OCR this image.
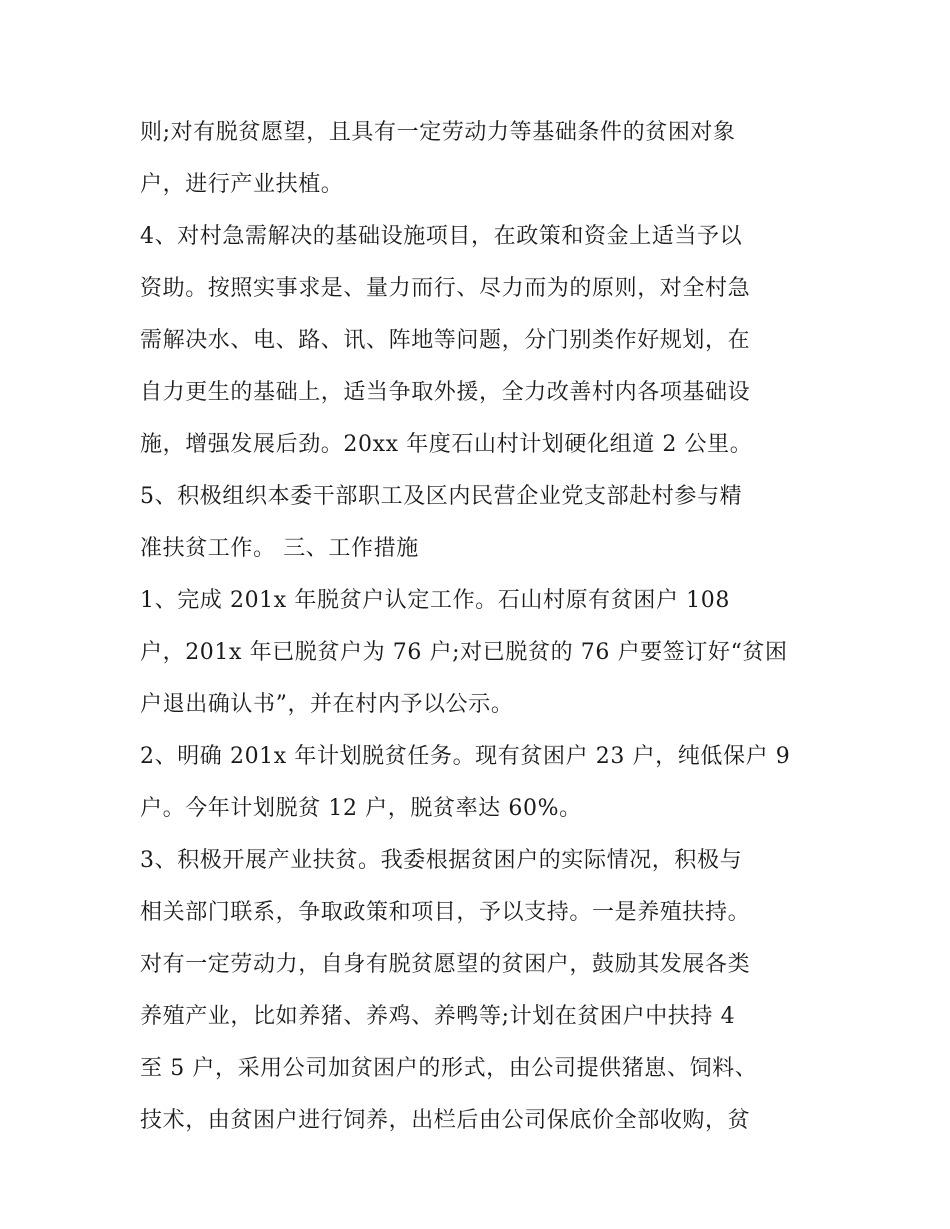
则;对有脱贫愿望，且具有一定劳动力等基础条件的贫困对象
户，进行产业扶植。
4、对村急需解决的基础设施项目，在政策和资金上适当予以
资助。按照实事求是、量力而行、尽力而为的原则，对全村急
需解决水、电、路、讯、阵地等问题，分门别类作好规划，在
自力更生的基础上，适当争取外援，全力改善村内各项基础设
施，增强发展后劲。20xx 年度石山村计划硬化组道 2 公里。
5、积极组织本委干部职工及区内民营企业党支部赴村参与精
准扶贫工作。 三、工作措施
1、完成 201x 年脱贫户认定工作。石山村原有贫困户 108
户，201x 年已脱贫户为 76 户;对已脱贫的 76 户要签订好“贫困
户退出确认书”，并在村内予以公示。
2、明确 201x 年计划脱贫任务。现有贫困户 23 户，纯低保户 9
户。今年计划脱贫 12 户，脱贫率达 60%。
3、积极开展产业扶贫。我委根据贫困户的实际情况，积极与
相关部门联系，争取政策和项目，予以支持。一是养殖扶持。
对有一定劳动力，自身有脱贫愿望的贫困户，鼓励其发展各类
养殖产业，比如养猪、养鸡、养鸭等;计划在贫困户中扶持 4
至 5 户，采用公司加贫困户的形式，由公司提供猪崽、饲料、
技术，由贫困户进行饲养，出栏后由公司保底价全部收购，贫
